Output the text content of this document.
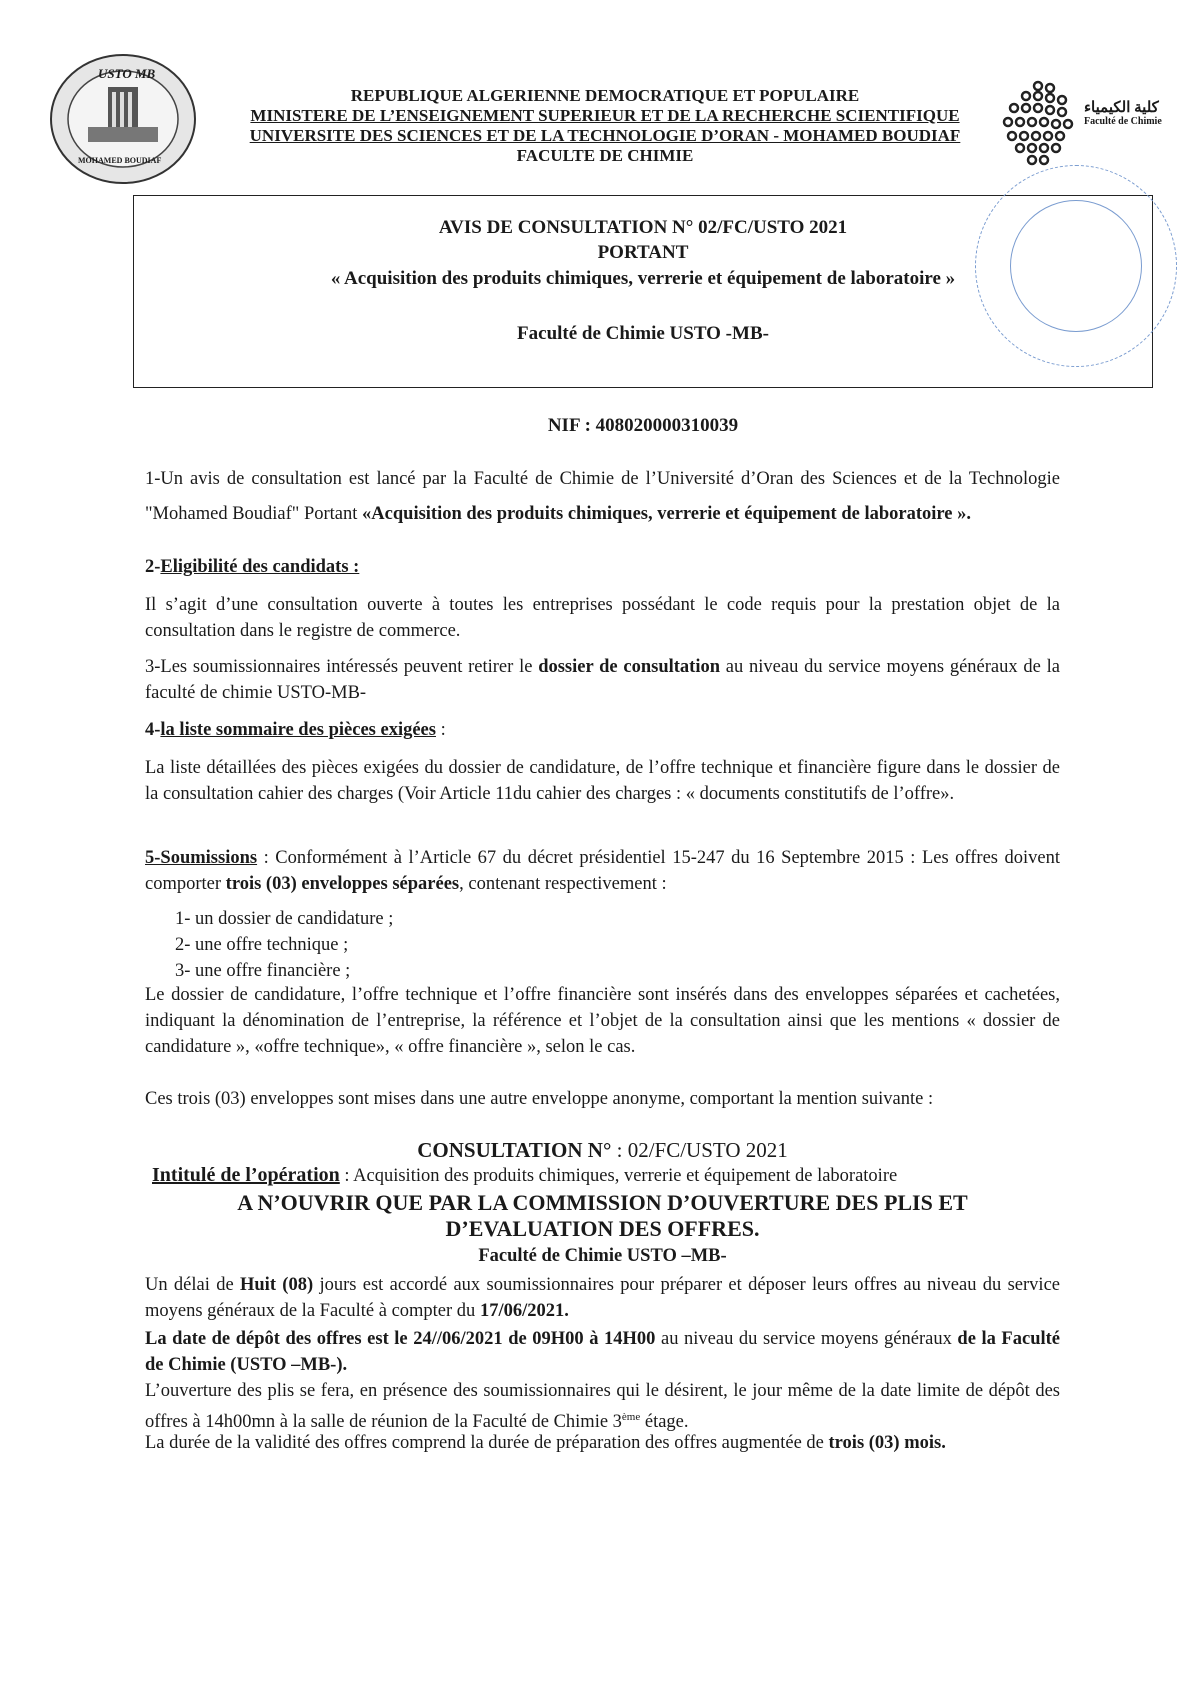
USTO MB
MOHAMED BOUDIAF
REPUBLIQUE ALGERIENNE DEMOCRATIQUE ET POPULAIRE
MINISTERE DE L’ENSEIGNEMENT SUPERIEUR ET DE LA RECHERCHE SCIENTIFIQUE
UNIVERSITE DES SCIENCES ET DE LA TECHNOLOGIE D’ORAN - MOHAMED BOUDIAF
FACULTE DE CHIMIE
كلية الكيمياء
Faculté de Chimie
AVIS DE CONSULTATION N° 02/FC/USTO 2021
PORTANT
« Acquisition des produits chimiques, verrerie et équipement de laboratoire »
Faculté de Chimie USTO -MB-
NIF : 408020000310039
1-Un avis de consultation est lancé par la Faculté de Chimie de l’Université d’Oran des Sciences et de la Technologie "Mohamed Boudiaf" Portant «Acquisition des produits chimiques, verrerie et équipement de laboratoire ».
2-Eligibilité des candidats :
Il s’agit d’une consultation ouverte à toutes les entreprises possédant le code requis pour la prestation objet de la consultation dans le registre de commerce.
3-Les soumissionnaires intéressés peuvent retirer le dossier de consultation au niveau du service moyens généraux de la faculté de chimie USTO-MB-
4-la liste sommaire des pièces exigées :
La liste détaillées des pièces exigées du dossier de candidature, de l’offre technique et financière figure dans le dossier de la consultation cahier des charges (Voir Article 11du cahier des charges : « documents constitutifs de l’offre».
5-Soumissions : Conformément à l’Article 67 du décret présidentiel 15-247 du 16 Septembre 2015 : Les offres doivent comporter trois (03) enveloppes séparées, contenant respectivement :
1- un dossier de candidature ;
2- une offre technique ;
3- une offre financière ;
Le dossier de candidature, l’offre technique et l’offre financière sont insérés dans des enveloppes séparées et cachetées, indiquant la dénomination de l’entreprise, la référence et l’objet de la consultation ainsi que les mentions « dossier de candidature », «offre technique», « offre financière », selon le cas.
Ces trois (03) enveloppes sont mises dans une autre enveloppe anonyme, comportant la mention suivante :
CONSULTATION N° : 02/FC/USTO 2021
Intitulé de l’opération : Acquisition des produits chimiques, verrerie et équipement de laboratoire
A N’OUVRIR QUE PAR LA COMMISSION D’OUVERTURE DES PLIS ET
D’EVALUATION DES OFFRES.
Faculté de Chimie USTO –MB-
Un délai de Huit (08) jours est accordé aux soumissionnaires pour préparer et déposer leurs offres au niveau du service moyens généraux de la Faculté à compter du 17/06/2021.
La date de dépôt des offres est le 24//06/2021 de 09H00 à 14H00 au niveau du service moyens généraux de la Faculté de Chimie (USTO –MB-).
L’ouverture des plis se fera, en présence des soumissionnaires qui le désirent, le jour même de la date limite de dépôt des offres à 14h00mn à la salle de réunion de la Faculté de Chimie 3ème étage.
La durée de la validité des offres comprend la durée de préparation des offres augmentée de trois (03) mois.
